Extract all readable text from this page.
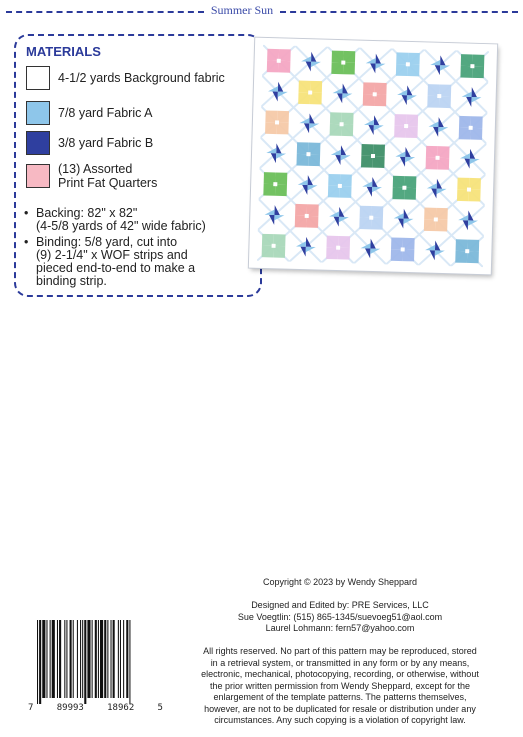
Summer Sun
MATERIALS
4-1/2 yards Background fabric
7/8 yard Fabric A
3/8 yard Fabric B
(13) Assorted
Print Fat Quarters
• Backing: 82" x 82"
(4-5/8 yards of 42" wide fabric)
• Binding: 5/8 yard, cut into
(9) 2-1/4" x WOF strips and
pieced end-to-end to make a
binding strip.
Copyright © 2023 by Wendy Sheppard
Designed and Edited by: PRE Services, LLC
Sue Voegtlin: (515) 865-1345/suevoeg51@aol.com
Laurel Lohmann: fern57@yahoo.com
All rights reserved. No part of this pattern may be reproduced, stored
in a retrieval system, or transmitted in any form or by any means,
electronic, mechanical, photocopying, recording, or otherwise, without
the prior written permission from Wendy Sheppard, except for the
enlargement of the template patterns. The patterns themselves,
however, are not to be duplicated for resale or distribution under any
circumstances. Any such copying is a violation of copyright law.
7	89993	18962	5
